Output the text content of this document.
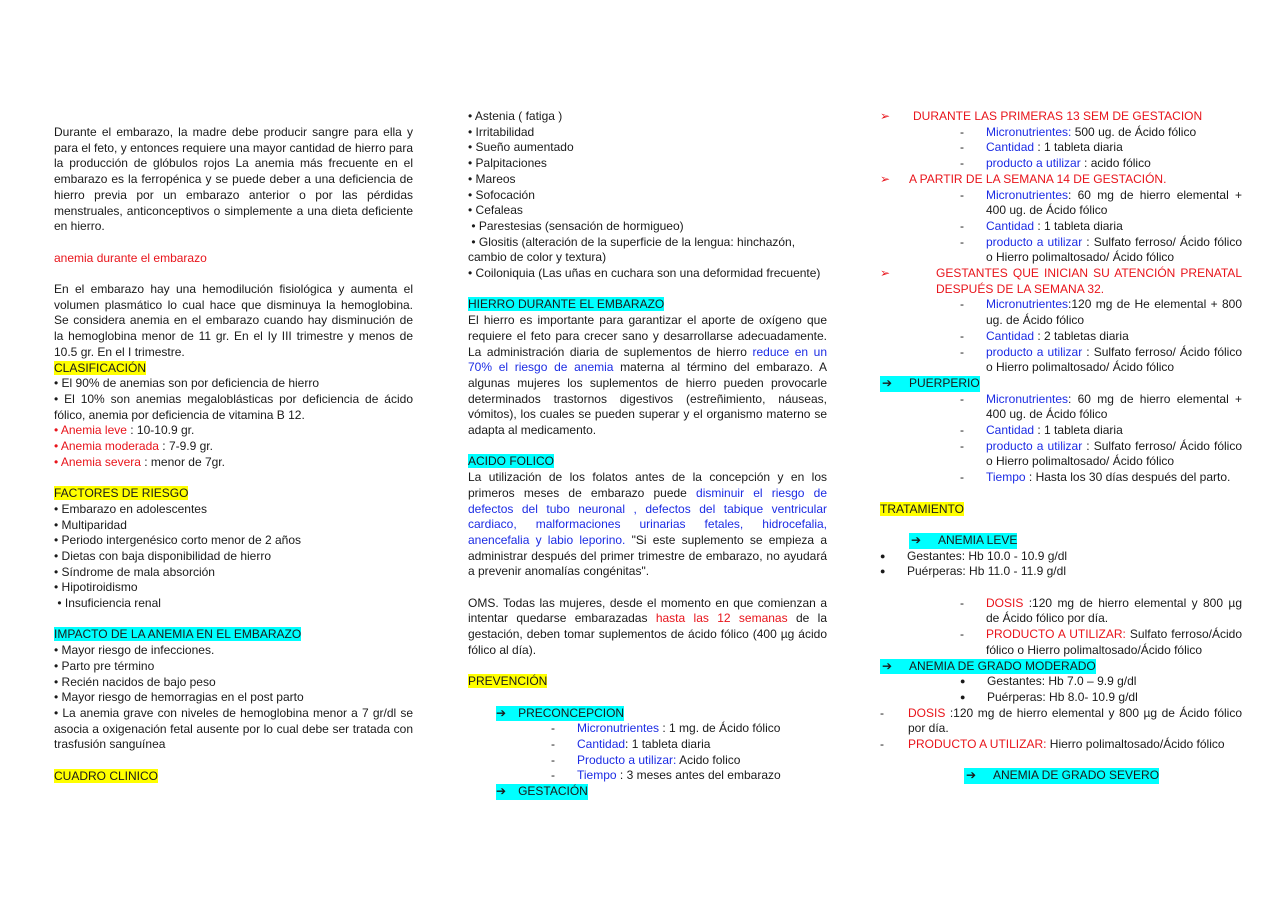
Durante el embarazo, la madre debe producir sangre para ella y para el feto, y entonces requiere una mayor cantidad de hierro para la producción de glóbulos rojos La anemia más frecuente en el embarazo es la ferropénica y se puede deber a una deficiencia de hierro previa por un embarazo anterior o por las pérdidas menstruales, anticonceptivos o simplemente a una dieta deficiente en hierro.

anemia durante el embarazo

En el embarazo hay una hemodilución fisiológica y aumenta el volumen plasmático lo cual hace que disminuya la hemoglobina. Se considera anemia en el embarazo cuando hay disminución de la hemoglobina menor de 11 gr. En el Iy III trimestre y menos de 10.5 gr. En el I trimestre.

CLASIFICACIÓN

• El 90% de anemias son por deficiencia de hierro

• El 10% son anemias megaloblásticas por deficiencia de ácido fólico, anemia por deficiencia de vitamina B 12.

• Anemia leve : 10-10.9 gr.

• Anemia moderada : 7-9.9 gr.

• Anemia severa : menor de 7gr.

FACTORES DE RIESGO

• Embarazo en adolescentes

• Multiparidad

• Periodo intergenésico corto menor de 2 años

• Dietas con baja disponibilidad de hierro

• Síndrome de mala absorción

• Hipotiroidismo

• Insuficiencia renal

IMPACTO DE LA ANEMIA EN EL EMBARAZO

• Mayor riesgo de infecciones.

• Parto pre término

• Recién nacidos de bajo peso

• Mayor riesgo de hemorragias en el post parto

• La anemia grave con niveles de hemoglobina menor a 7 gr/dl se asocia a oxigenación fetal ausente por lo cual debe ser tratada con trasfusión sanguínea

CUADRO CLINICO

• Astenia ( fatiga )

• Irritabilidad

• Sueño aumentado

• Palpitaciones

• Mareos

• Sofocación

• Cefaleas

• Parestesias (sensación de hormigueo)

• Glositis (alteración de la superficie de la lengua: hinchazón, cambio de color y textura)

• Coiloniquia (Las uñas en cuchara son una deformidad frecuente)

HIERRO DURANTE EL EMBARAZO

El hierro es importante para garantizar el aporte de oxígeno que requiere el feto para crecer sano y desarrollarse adecuadamente. La administración diaria de suplementos de hierro reduce en un 70% el riesgo de anemia materna al término del embarazo. A algunas mujeres los suplementos de hierro pueden provocarle determinados trastornos digestivos (estreñimiento, náuseas, vómitos), los cuales se pueden superar y el organismo materno se adapta al medicamento.

ACIDO FOLICO

La utilización de los folatos antes de la concepción y en los primeros meses de embarazo puede disminuir el riesgo de defectos del tubo neuronal , defectos del tabique ventricular cardiaco, malformaciones urinarias fetales, hidrocefalia, anencefalia y labio leporino. "Si este suplemento se empieza a administrar después del primer trimestre de embarazo, no ayudará a prevenir anomalías congénitas".

OMS. Todas las mujeres, desde el momento en que comienzan a intentar quedarse embarazadas hasta las 12 semanas de la gestación, deben tomar suplementos de ácido fólico (400 µg ácido fólico al día).

PREVENCIÓN

➔	PRECONCEPCION
-	Micronutrientes : 1 mg. de Ácido fólico
-	Cantidad: 1 tableta diaria
-	Producto a utilizar: Acido folico
-	Tiempo : 3 meses antes del embarazo
➔	GESTACIÓN
➢	DURANTE LAS PRIMERAS 13 SEM DE GESTACION
-	Micronutrientes: 500 ug. de Ácido fólico
-	Cantidad : 1 tableta diaria
-	producto a utilizar : acido fólico
➢	A PARTIR DE LA SEMANA 14 DE GESTACIÓN.
-	Micronutrientes: 60 mg de hierro elemental + 400 ug. de Ácido fólico
-	Cantidad : 1 tableta diaria
-	producto a utilizar : Sulfato ferroso/ Ácido fólico o Hierro polimaltosado/ Ácido fólico
➢	GESTANTES QUE INICIAN SU ATENCIÓN PRENATAL DESPUÉS DE LA SEMANA 32.
-	Micronutrientes:120 mg de He elemental + 800 ug. de Ácido fólico
-	Cantidad : 2 tabletas diaria
-	producto a utilizar : Sulfato ferroso/ Ácido fólico o Hierro polimaltosado/ Ácido fólico
➔	PUERPERIO
-	Micronutrientes: 60 mg de hierro elemental + 400 ug. de Ácido fólico
-	Cantidad : 1 tableta diaria
-	producto a utilizar : Sulfato ferroso/ Ácido fólico o Hierro polimaltosado/ Ácido fólico
-	Tiempo : Hasta los 30 días después del parto.

TRATAMIENTO

➔	ANEMIA LEVE
●	Gestantes: Hb 10.0 - 10.9 g/dl
●	Puérperas: Hb 11.0 - 11.9 g/dl
-	DOSIS :120 mg de hierro elemental y 800 µg de Ácido fólico por día.
-	PRODUCTO A UTILIZAR: Sulfato ferroso/Ácido fólico o Hierro polimaltosado/Ácido fólico
➔	ANEMIA DE GRADO MODERADO
●	Gestantes: Hb 7.0 – 9.9 g/dl
●	Puérperas: Hb 8.0- 10.9 g/dl
-	DOSIS :120 mg de hierro elemental y 800 µg de Ácido fólico por día.
-	PRODUCTO A UTILIZAR: Hierro polimaltosado/Ácido fólico
➔	ANEMIA DE GRADO SEVERO
